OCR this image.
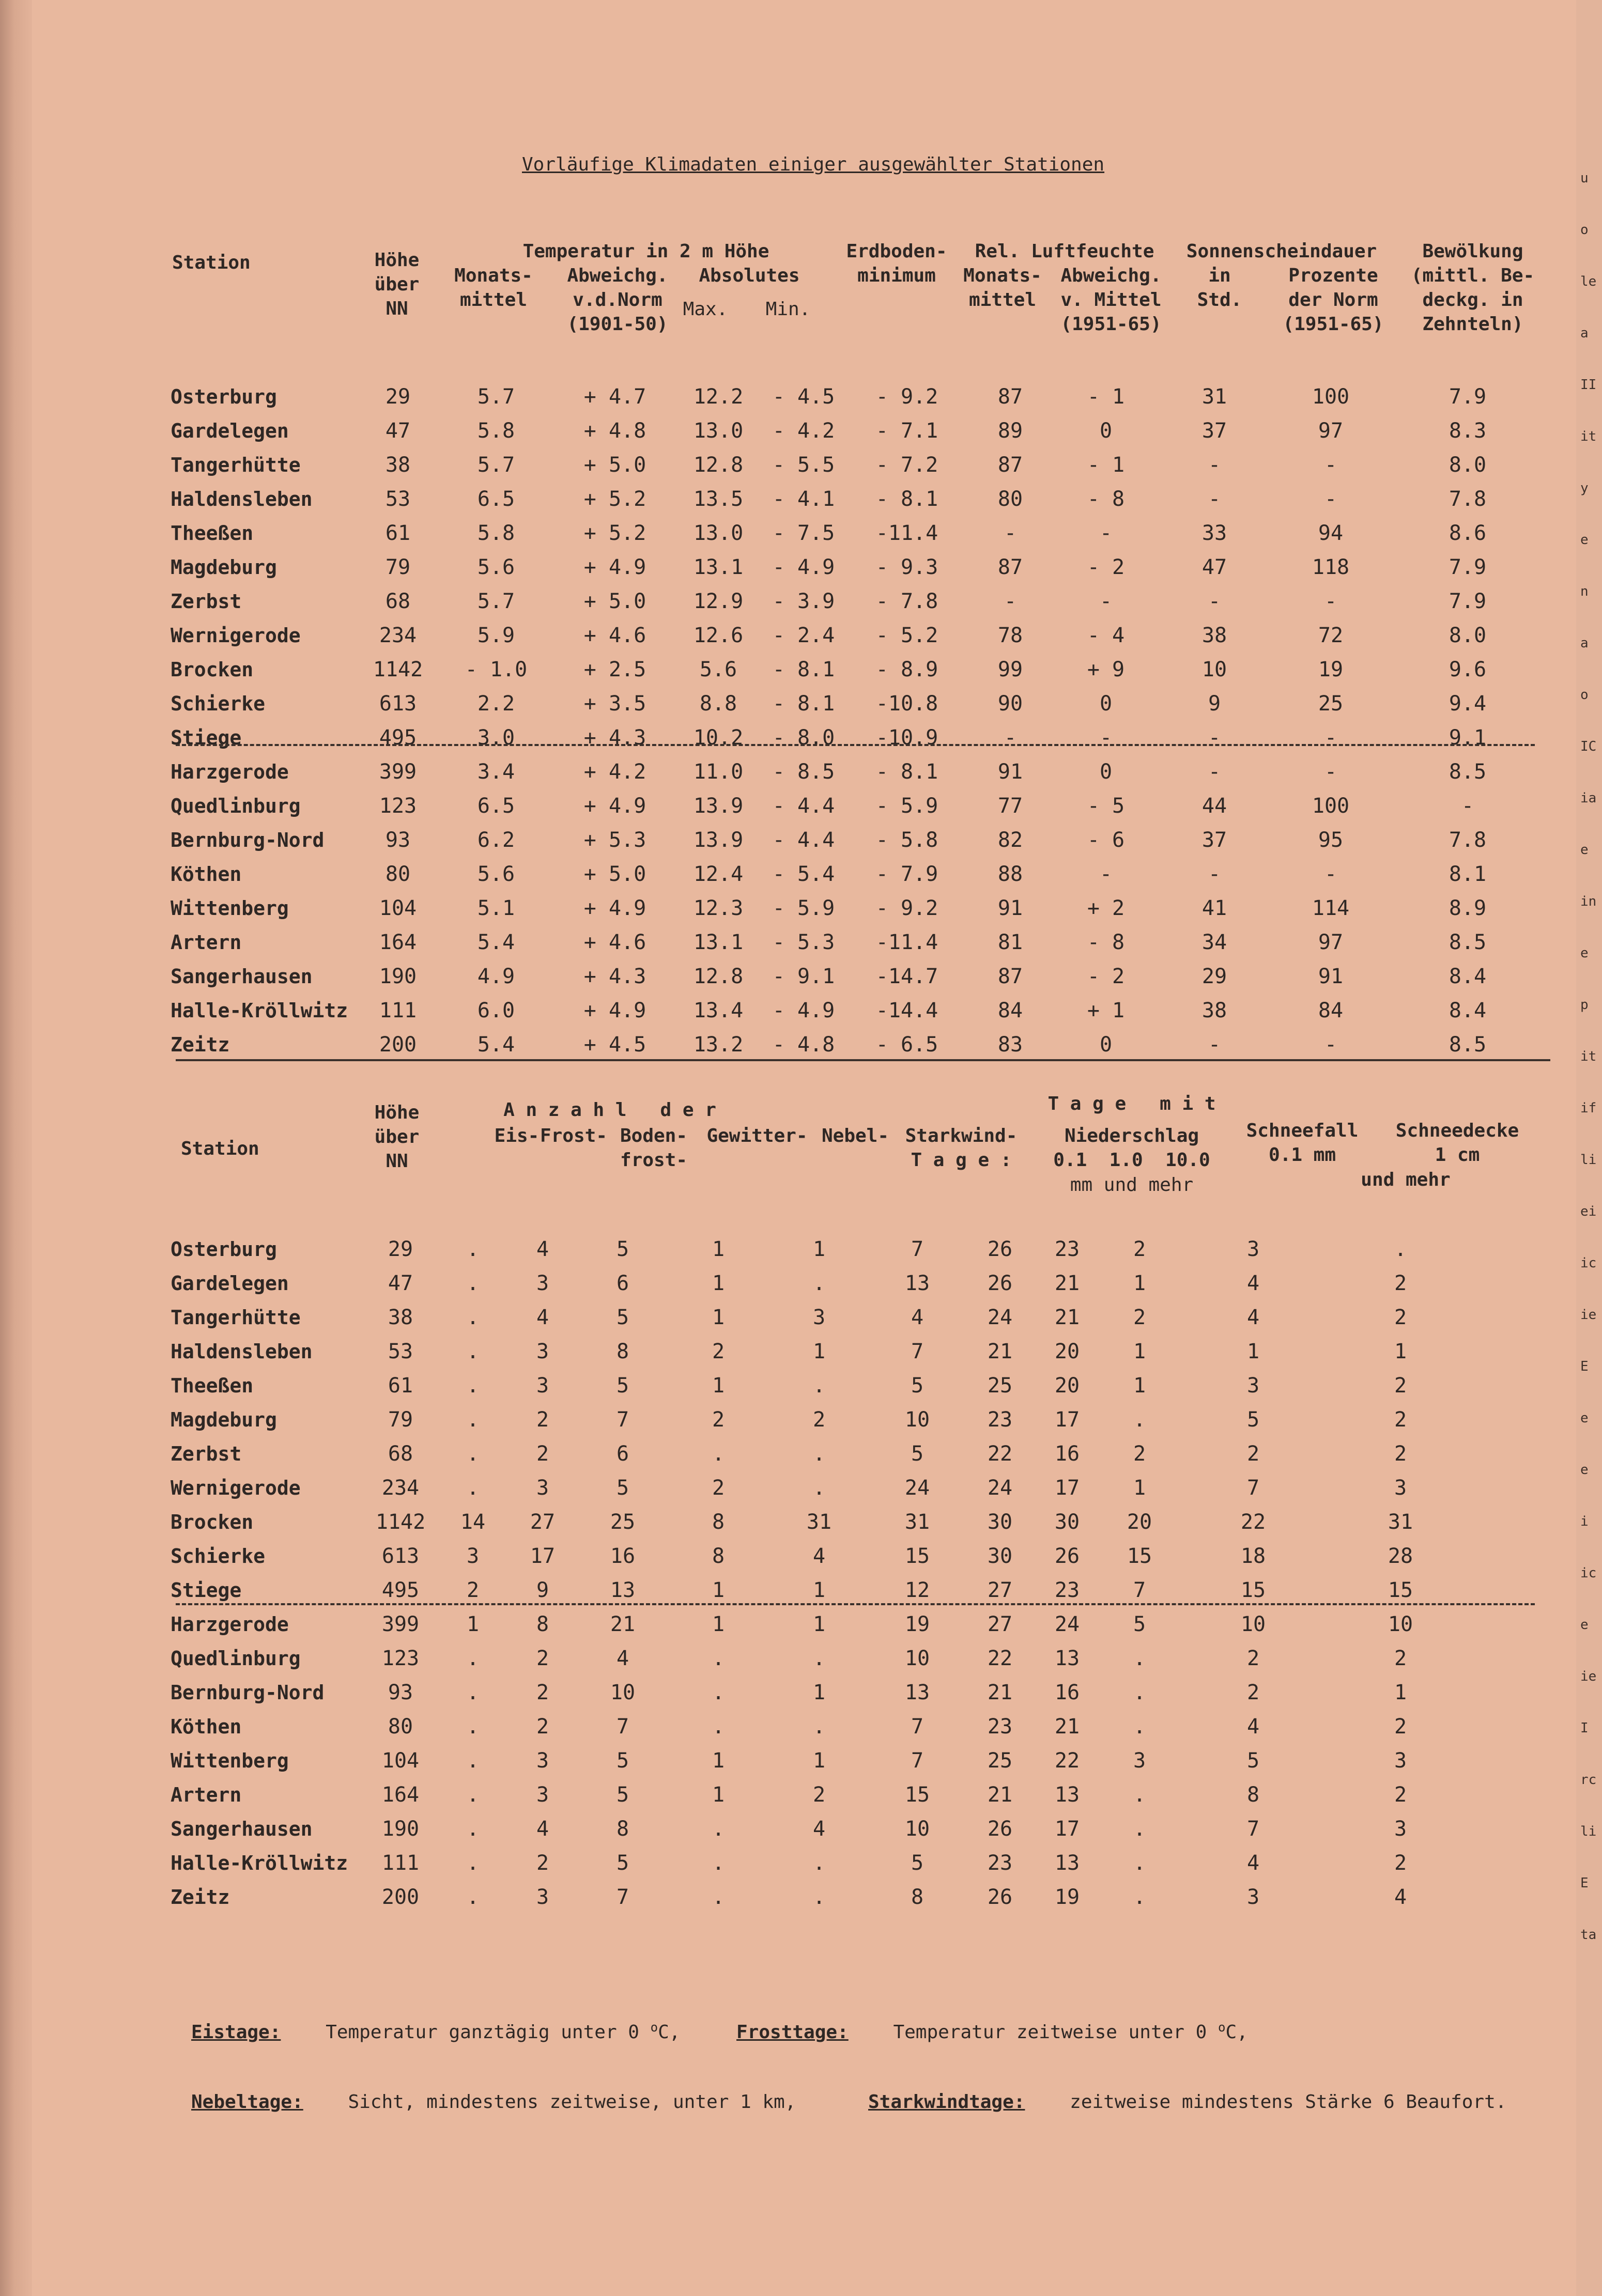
u
o
le
a
II
it
y
e
n
a
o
IC
ia
e
in
e
p
it
if
li
ei
ic
ie
E
e
e
i
ic
e
ie
I
rc
li
E
ta
Vorläufige Klimadaten einiger ausgewählter Stationen
Station	Höhe
über
NN
Temperatur in 2 m Höhe
Monats-
mittel
Abweichg.
v.d.Norm
(1901-50)
Absolutes
Max.	Min.
Erdboden-
minimum
Rel. Luftfeuchte
Monats-
mittel
Abweichg.
v. Mittel
(1951-65)
Sonnenscheindauer
in
Std.
Prozente
der Norm
(1951-65)
Bewölkung
(mittl. Be-
deckg. in
Zehnteln)
Osterburg	29	5.7	+ 4.7	12.2	- 4.5	- 9.2	87	- 1	31	100	7.9
Gardelegen	47	5.8	+ 4.8	13.0	- 4.2	- 7.1	89	0	37	97	8.3
Tangerhütte	38	5.7	+ 5.0	12.8	- 5.5	- 7.2	87	- 1	-	-	8.0
Haldensleben	53	6.5	+ 5.2	13.5	- 4.1	- 8.1	80	- 8	-	-	7.8
Theeßen	61	5.8	+ 5.2	13.0	- 7.5	-11.4	-	-	33	94	8.6
Magdeburg	79	5.6	+ 4.9	13.1	- 4.9	- 9.3	87	- 2	47	118	7.9
Zerbst	68	5.7	+ 5.0	12.9	- 3.9	- 7.8	-	-	-	-	7.9
Wernigerode	234	5.9	+ 4.6	12.6	- 2.4	- 5.2	78	- 4	38	72	8.0
Brocken	1142	- 1.0	+ 2.5	5.6	- 8.1	- 8.9	99	+ 9	10	19	9.6
Schierke	613	2.2	+ 3.5	8.8	- 8.1	-10.8	90	0	9	25	9.4
Stiege	495	3.0	+ 4.3	10.2	- 8.0	-10.9	-	-	-	-	9.1
Harzgerode	399	3.4	+ 4.2	11.0	- 8.5	- 8.1	91	0	-	-	8.5
Quedlinburg	123	6.5	+ 4.9	13.9	- 4.4	- 5.9	77	- 5	44	100	-
Bernburg-Nord	93	6.2	+ 5.3	13.9	- 4.4	- 5.8	82	- 6	37	95	7.8
Köthen	80	5.6	+ 5.0	12.4	- 5.4	- 7.9	88	-	-	-	8.1
Wittenberg	104	5.1	+ 4.9	12.3	- 5.9	- 9.2	91	+ 2	41	114	8.9
Artern	164	5.4	+ 4.6	13.1	- 5.3	-11.4	81	- 8	34	97	8.5
Sangerhausen	190	4.9	+ 4.3	12.8	- 9.1	-14.7	87	- 2	29	91	8.4
Halle-Kröllwitz	111	6.0	+ 4.9	13.4	- 4.9	-14.4	84	+ 1	38	84	8.4
Zeitz	200	5.4	+ 4.5	13.2	- 4.8	- 6.5	83	0	-	-	8.5
Station
Höhe
über
NN
A n z a h l   d e r
Eis- Frost- Boden-
frost-
Gewitter- Nebel- Starkwind-
T a g e :
T a g e   m i t
Niederschlag
0.1  1.0  10.0
mm und mehr
Schneefall
0.1 mm
Schneedecke
1 cm
und mehr
Osterburg	29	.	4	5	1	1	7	26	23	2	3	.
Gardelegen	47	.	3	6	1	.	13	26	21	1	4	2
Tangerhütte	38	.	4	5	1	3	4	24	21	2	4	2
Haldensleben	53	.	3	8	2	1	7	21	20	1	1	1
Theeßen	61	.	3	5	1	.	5	25	20	1	3	2
Magdeburg	79	.	2	7	2	2	10	23	17	.	5	2
Zerbst	68	.	2	6	.	.	5	22	16	2	2	2
Wernigerode	234	.	3	5	2	.	24	24	17	1	7	3
Brocken	1142	14	27	25	8	31	31	30	30	20	22	31
Schierke	613	3	17	16	8	4	15	30	26	15	18	28
Stiege	495	2	9	13	1	1	12	27	23	7	15	15
Harzgerode	399	1	8	21	1	1	19	27	24	5	10	10
Quedlinburg	123	.	2	4	.	.	10	22	13	.	2	2
Bernburg-Nord	93	.	2	10	.	1	13	21	16	.	2	1
Köthen	80	.	2	7	.	.	7	23	21	.	4	2
Wittenberg	104	.	3	5	1	1	7	25	22	3	5	3
Artern	164	.	3	5	1	2	15	21	13	.	8	2
Sangerhausen	190	.	4	8	.	4	10	26	17	.	7	3
Halle-Kröllwitz	111	.	2	5	.	.	5	23	13	.	4	2
Zeitz	200	.	3	7	.	.	8	26	19	.	3	4
Eistage: Temperatur ganztägig unter 0 $^o$C,	Frosttage: Temperatur zeitweise unter 0 $^o$C,
Nebeltage: Sicht, mindestens zeitweise, unter 1 km,	Starkwindtage: zeitweise mindestens Stärke 6 Beaufort.
